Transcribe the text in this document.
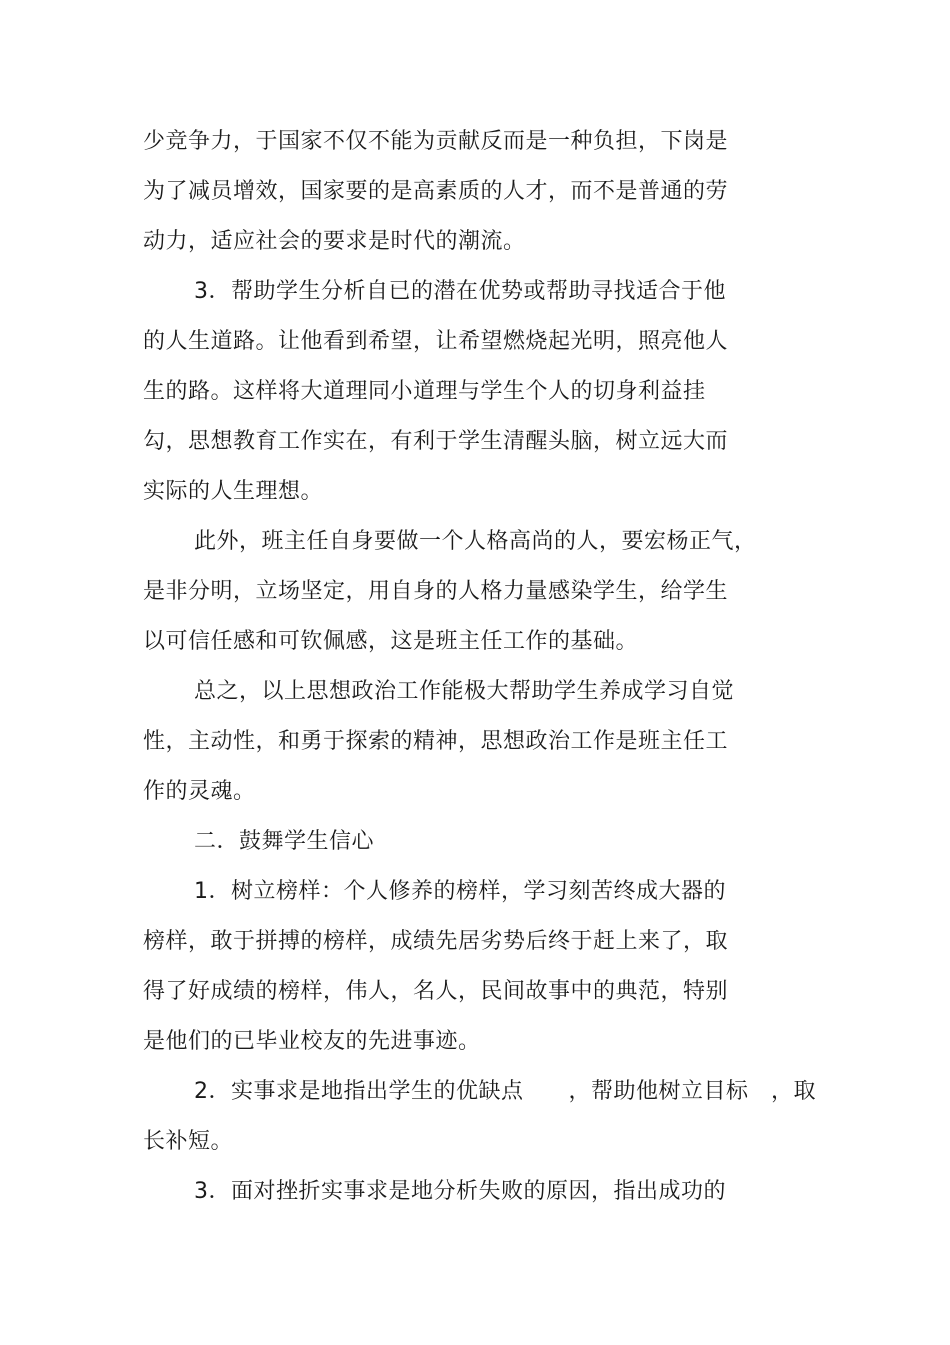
少竞争力，于国家不仅不能为贡献反而是一种负担，下岗是
为了减员增效，国家要的是高素质的人才，而不是普通的劳
动力，适应社会的要求是时代的潮流。
3．帮助学生分析自已的潜在优势或帮助寻找适合于他
的人生道路。让他看到希望，让希望燃烧起光明，照亮他人
生的路。这样将大道理同小道理与学生个人的切身利益挂
勾，思想教育工作实在，有利于学生清醒头脑，树立远大而
实际的人生理想。
此外，班主任自身要做一个人格高尚的人，要宏杨正气，
是非分明，立场坚定，用自身的人格力量感染学生，给学生
以可信任感和可钦佩感，这是班主任工作的基础。
总之，以上思想政治工作能极大帮助学生养成学习自觉
性，主动性，和勇于探索的精神，思想政治工作是班主任工
作的灵魂。
二．鼓舞学生信心
1．树立榜样：个人修养的榜样，学习刻苦终成大器的
榜样，敢于拼搏的榜样，成绩先居劣势后终于赶上来了，取
得了好成绩的榜样，伟人，名人，民间故事中的典范，特别
是他们的已毕业校友的先进事迹。
2．实事求是地指出学生的优缺点　　，帮助他树立目标　，取
长补短。
3．面对挫折实事求是地分析失败的原因，指出成功的
